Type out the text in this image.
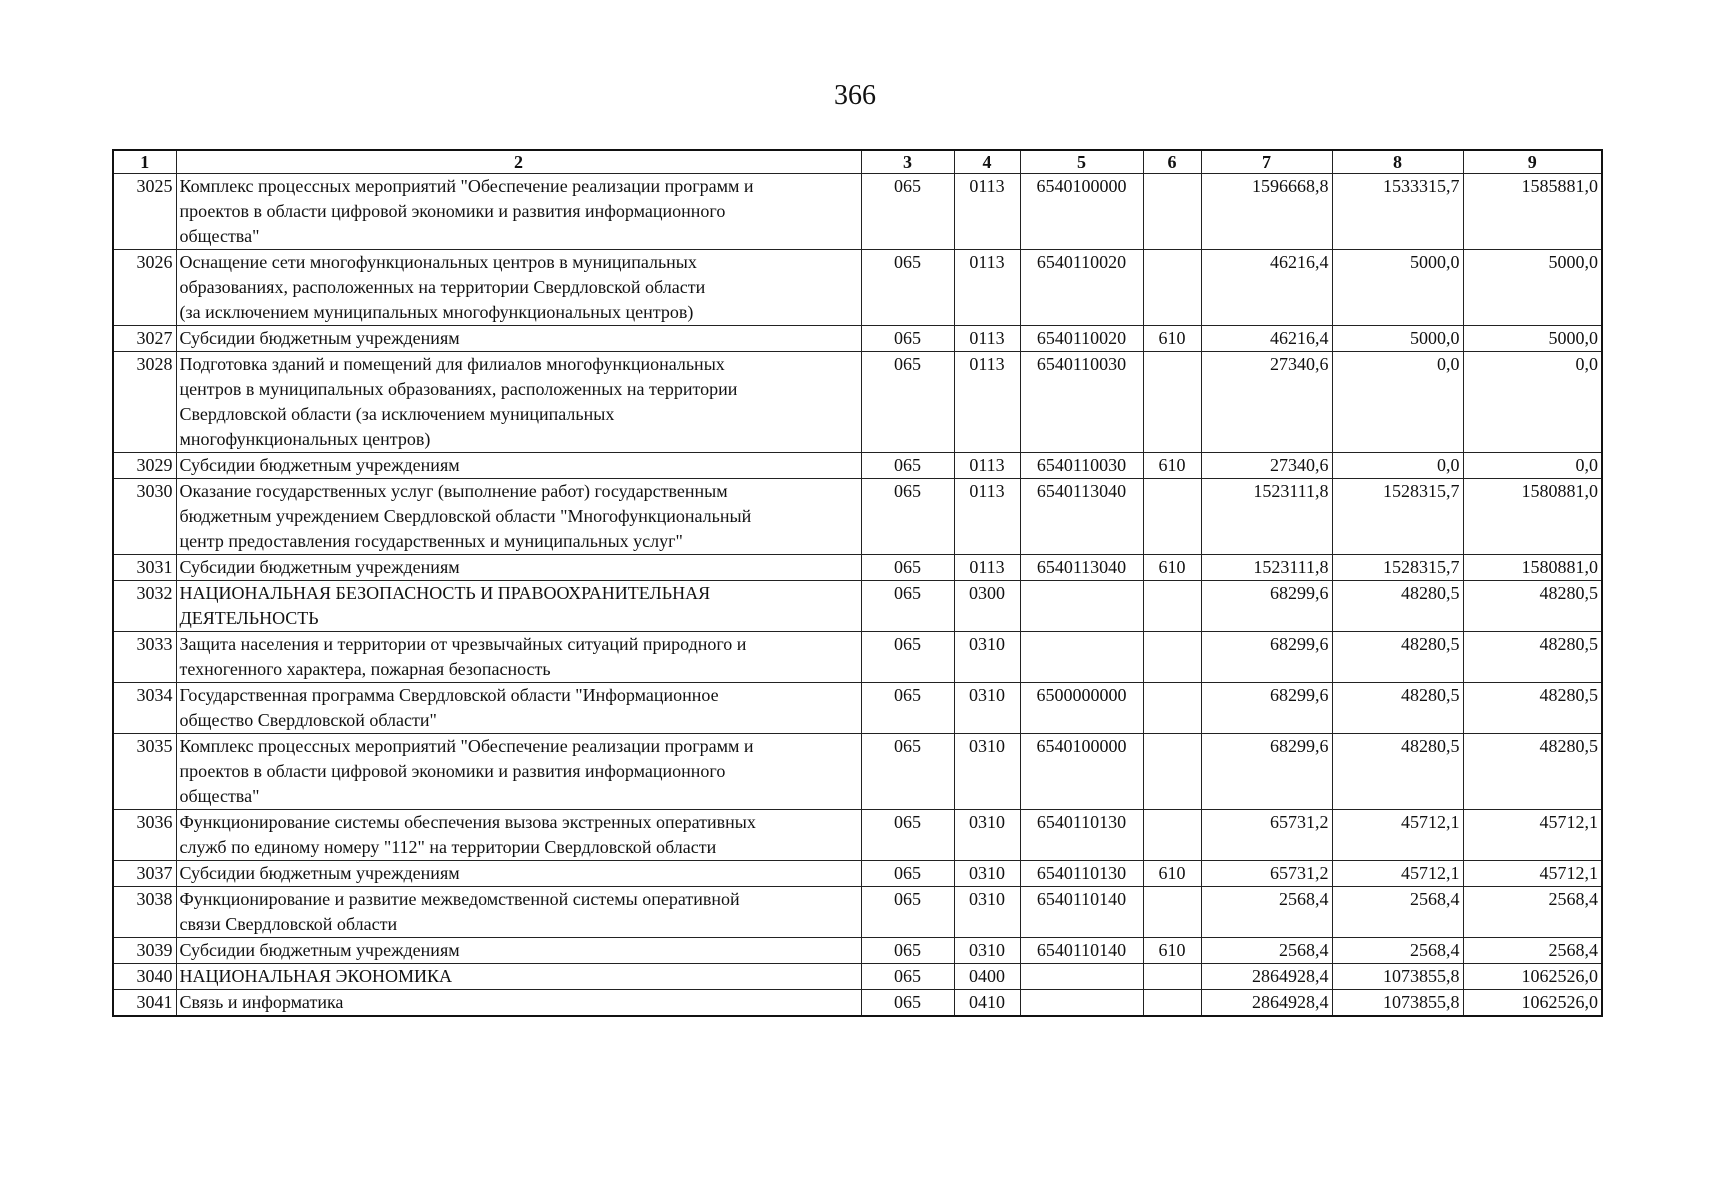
366
1	2	3	4	5	6	7	8	9
3025	Комплекс процессных мероприятий "Обеспечение реализации программ и
проектов в области цифровой экономики и развития информационного
общества"	065	0113	6540100000		1596668,8	1533315,7	1585881,0
3026	Оснащение сети многофункциональных центров в муниципальных
образованиях, расположенных на территории Свердловской области
(за исключением муниципальных многофункциональных центров)	065	0113	6540110020		46216,4	5000,0	5000,0
3027	Субсидии бюджетным учреждениям	065	0113	6540110020	610	46216,4	5000,0	5000,0
3028	Подготовка зданий и помещений для филиалов многофункциональных
центров в муниципальных образованиях, расположенных на территории
Свердловской области (за исключением муниципальных
многофункциональных центров)	065	0113	6540110030		27340,6	0,0	0,0
3029	Субсидии бюджетным учреждениям	065	0113	6540110030	610	27340,6	0,0	0,0
3030	Оказание государственных услуг (выполнение работ) государственным
бюджетным учреждением Свердловской области "Многофункциональный
центр предоставления государственных и муниципальных услуг"	065	0113	6540113040		1523111,8	1528315,7	1580881,0
3031	Субсидии бюджетным учреждениям	065	0113	6540113040	610	1523111,8	1528315,7	1580881,0
3032	НАЦИОНАЛЬНАЯ БЕЗОПАСНОСТЬ И ПРАВООХРАНИТЕЛЬНАЯ
ДЕЯТЕЛЬНОСТЬ	065	0300			68299,6	48280,5	48280,5
3033	Защита населения и территории от чрезвычайных ситуаций природного и
техногенного характера, пожарная безопасность	065	0310			68299,6	48280,5	48280,5
3034	Государственная программа Свердловской области "Информационное
общество Свердловской области"	065	0310	6500000000		68299,6	48280,5	48280,5
3035	Комплекс процессных мероприятий "Обеспечение реализации программ и
проектов в области цифровой экономики и развития информационного
общества"	065	0310	6540100000		68299,6	48280,5	48280,5
3036	Функционирование системы обеспечения вызова экстренных оперативных
служб по единому номеру "112" на территории Свердловской области	065	0310	6540110130		65731,2	45712,1	45712,1
3037	Субсидии бюджетным учреждениям	065	0310	6540110130	610	65731,2	45712,1	45712,1
3038	Функционирование и развитие межведомственной системы оперативной
связи Свердловской области	065	0310	6540110140		2568,4	2568,4	2568,4
3039	Субсидии бюджетным учреждениям	065	0310	6540110140	610	2568,4	2568,4	2568,4
3040	НАЦИОНАЛЬНАЯ ЭКОНОМИКА	065	0400			2864928,4	1073855,8	1062526,0
3041	Связь и информатика	065	0410			2864928,4	1073855,8	1062526,0
